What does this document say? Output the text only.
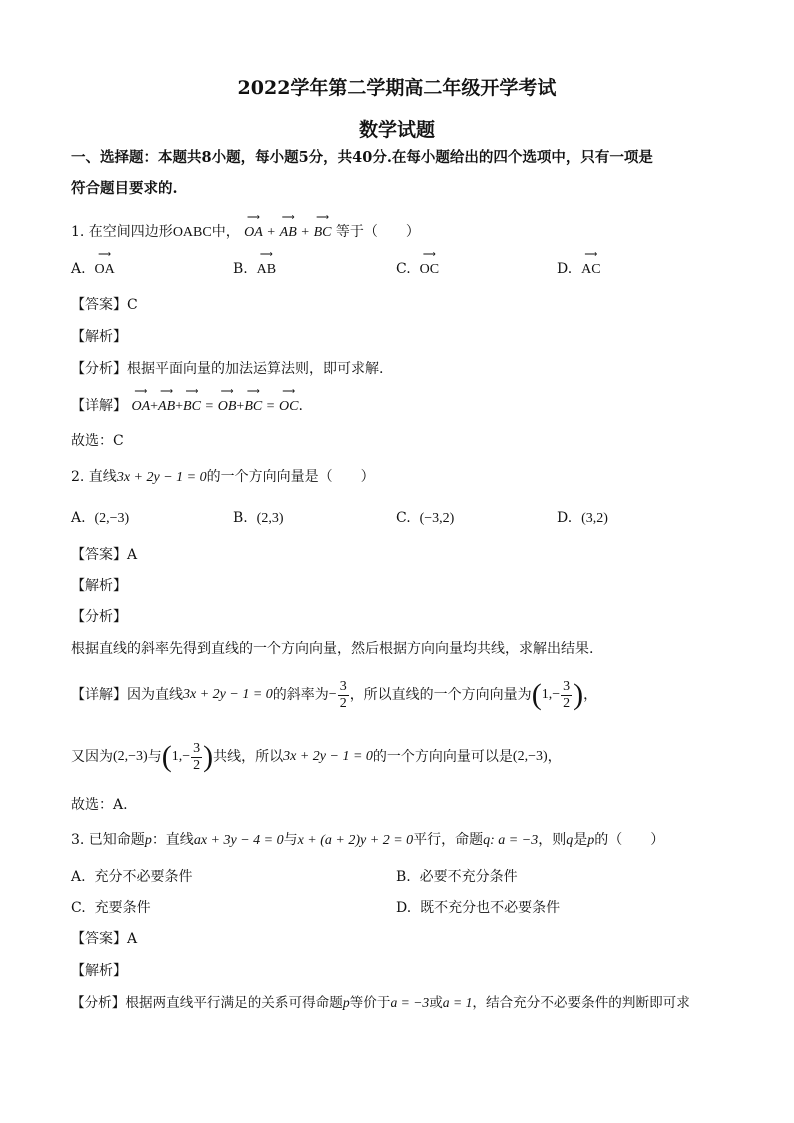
2022学年第二学期高二年级开学考试
数学试题
一、选择题：本题共8小题，每小题5分，共40分.在每小题给出的四个选项中，只有一项是
符合题目要求的.
1. 在空间四边形OABC中， ⟶ OA + ⟶ AB + ⟶ BC 等于（　　）
A. ⟶ OA	B. ⟶ AB	C. ⟶ OC	D. ⟶ AC
【答案】C
【解析】
【分析】根据平面向量的加法运算法则，即可求解.
【详解】 ⟶ OA+⟶ AB+⟶ BC = ⟶ OB+⟶ BC = ⟶ OC.
故选：C
2. 直线3x + 2y − 1 = 0的一个方向向量是（　　）
A. (2,−3)	B. (2,3)	C. (−3,2)	D. (3,2)
【答案】A
【解析】
【分析】
根据直线的斜率先得到直线的一个方向向量，然后根据方向向量均共线，求解出结果.
【详解】因为直线3x + 2y − 1 = 0的斜率为− $\frac{3}{2}$ ，所以直线的一个方向向量为($1,- \frac{3}{2}$ )，
又因为(2,−3)与($1,- \frac{3}{2}$ )共线，所以3x + 2y − 1 = 0的一个方向向量可以是(2,−3)，
故选：A.
3. 已知命题p：直线ax + 3y − 4 = 0与x + (a + 2)y + 2 = 0平行，命题q: a = −3，则q是p的（　　）
A. 充分不必要条件	B. 必要不充分条件
C. 充要条件	D. 既不充分也不必要条件
【答案】A
【解析】
【分析】根据两直线平行满足的关系可得命题p等价于a = −3或a = 1，结合充分不必要条件的判断即可求
